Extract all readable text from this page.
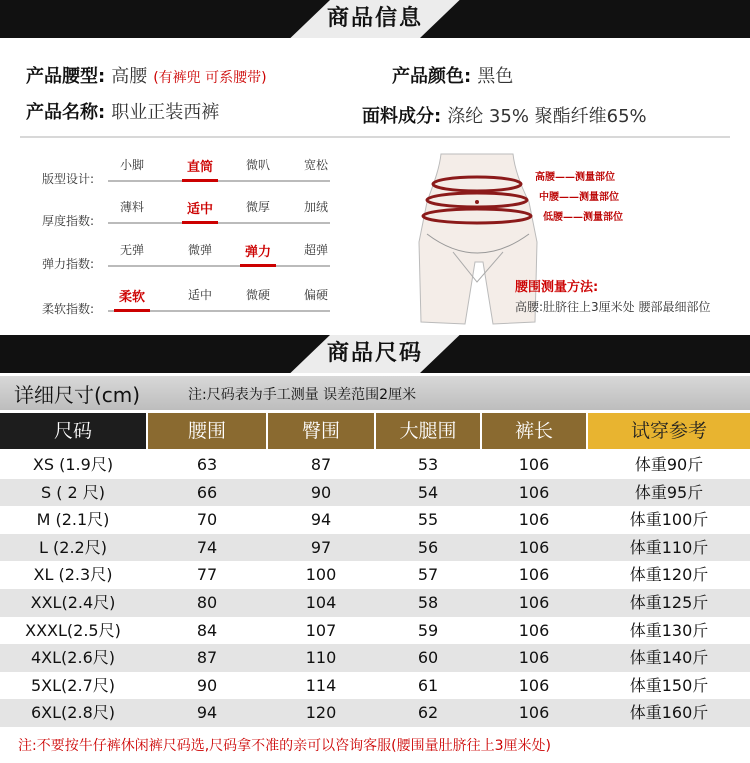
商品信息
产品腰型: 高腰 (有裤兜 可系腰带)	产品颜色: 黑色
产品名称: 职业正装西裤	面料成分: 涤纶 35% 聚酯纤维65%
版型设计:
小脚	直筒	微叭	宽松
厚度指数:
薄料	适中	微厚	加绒
弹力指数:
无弹	微弹	弹力	超弹
柔软指数:
柔软	适中	微硬	偏硬
高腰——测量部位
中腰——测量部位
低腰——测量部位
腰围测量方法:
高腰:肚脐往上3厘米处 腰部最细部位
商品尺码
详细尺寸(cm)	注:尺码表为手工测量 误差范围2厘米
尺码	腰围	臀围	大腿围	裤长	试穿参考
XS (1.9尺)	63	87	53	106	体重90斤
S ( 2 尺)	66	90	54	106	体重95斤
M (2.1尺)	70	94	55	106	体重100斤
L (2.2尺)	74	97	56	106	体重110斤
XL (2.3尺)	77	100	57	106	体重120斤
XXL(2.4尺)	80	104	58	106	体重125斤
XXXL(2.5尺)	84	107	59	106	体重130斤
4XL(2.6尺)	87	110	60	106	体重140斤
5XL(2.7尺)	90	114	61	106	体重150斤
6XL(2.8尺)	94	120	62	106	体重160斤
注:不要按牛仔裤休闲裤尺码选,尺码拿不准的亲可以咨询客服(腰围量肚脐往上3厘米处)
